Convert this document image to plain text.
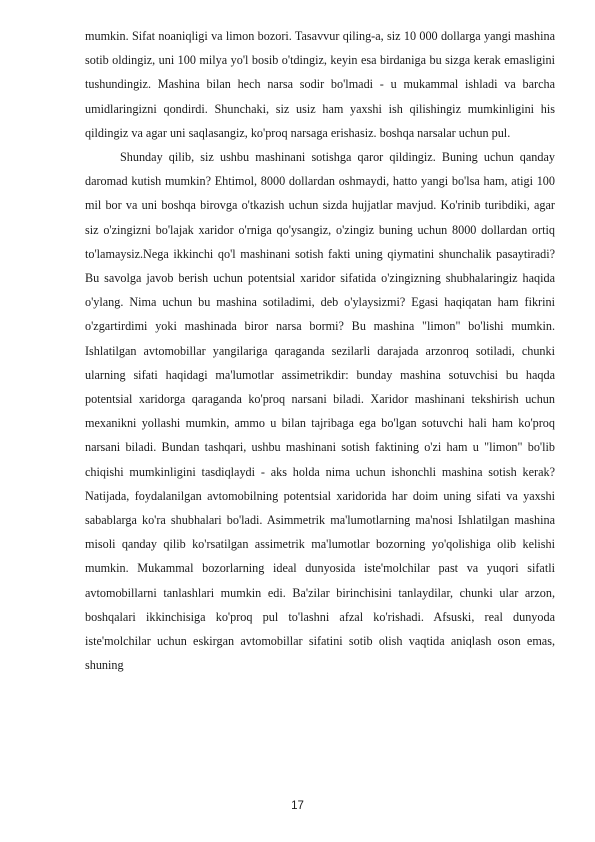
mumkin. Sifat noaniqligi va limon bozori. Tasavvur qiling-a, siz 10 000 dollarga yangi mashina sotib oldingiz, uni 100 milya yo'l bosib o'tdingiz, keyin esa birdaniga bu sizga kerak emasligini tushundingiz. Mashina bilan hech narsa sodir bo'lmadi - u mukammal ishladi va barcha umidlaringizni qondirdi. Shunchaki, siz usiz ham yaxshi ish qilishingiz mumkinligini his qildingiz va agar uni saqlasangiz, ko'proq narsaga erishasiz. boshqa narsalar uchun pul.

Shunday qilib, siz ushbu mashinani sotishga qaror qildingiz. Buning uchun qanday daromad kutish mumkin? Ehtimol, 8000 dollardan oshmaydi, hatto yangi bo'lsa ham, atigi 100 mil bor va uni boshqa birovga o'tkazish uchun sizda hujjatlar mavjud. Ko'rinib turibdiki, agar siz o'zingizni bo'lajak xaridor o'rniga qo'ysangiz, o'zingiz buning uchun 8000 dollardan ortiq to'lamaysiz.Nega ikkinchi qo'l mashinani sotish fakti uning qiymatini shunchalik pasaytiradi? Bu savolga javob berish uchun potentsial xaridor sifatida o'zingizning shubhalaringiz haqida o'ylang. Nima uchun bu mashina sotiladimi, deb o'ylaysizmi? Egasi haqiqatan ham fikrini o'zgartirdimi yoki mashinada biror narsa bormi? Bu mashina "limon" bo'lishi mumkin. Ishlatilgan avtomobillar yangilariga qaraganda sezilarli darajada arzonroq sotiladi, chunki ularning sifati haqidagi ma'lumotlar assimetrikdir: bunday mashina sotuvchisi bu haqda potentsial xaridorga qaraganda ko'proq narsani biladi. Xaridor mashinani tekshirish uchun mexanikni yollashi mumkin, ammo u bilan tajribaga ega bo'lgan sotuvchi hali ham ko'proq narsani biladi. Bundan tashqari, ushbu mashinani sotish faktining o'zi ham u "limon" bo'lib chiqishi mumkinligini tasdiqlaydi - aks holda nima uchun ishonchli mashina sotish kerak? Natijada, foydalanilgan avtomobilning potentsial xaridorida har doim uning sifati va yaxshi sabablarga ko'ra shubhalari bo'ladi. Asimmetrik ma'lumotlarning ma'nosi Ishlatilgan mashina misoli qanday qilib ko'rsatilgan assimetrik ma'lumotlar bozorning yo'qolishiga olib kelishi mumkin. Mukammal bozorlarning ideal dunyosida iste'molchilar past va yuqori sifatli avtomobillarni tanlashlari mumkin edi. Ba'zilar birinchisini tanlaydilar, chunki ular arzon, boshqalari ikkinchisiga ko'proq pul to'lashni afzal ko'rishadi. Afsuski, real dunyoda iste'molchilar uchun eskirgan avtomobillar sifatini sotib olish vaqtida aniqlash oson emas, shuning

17
